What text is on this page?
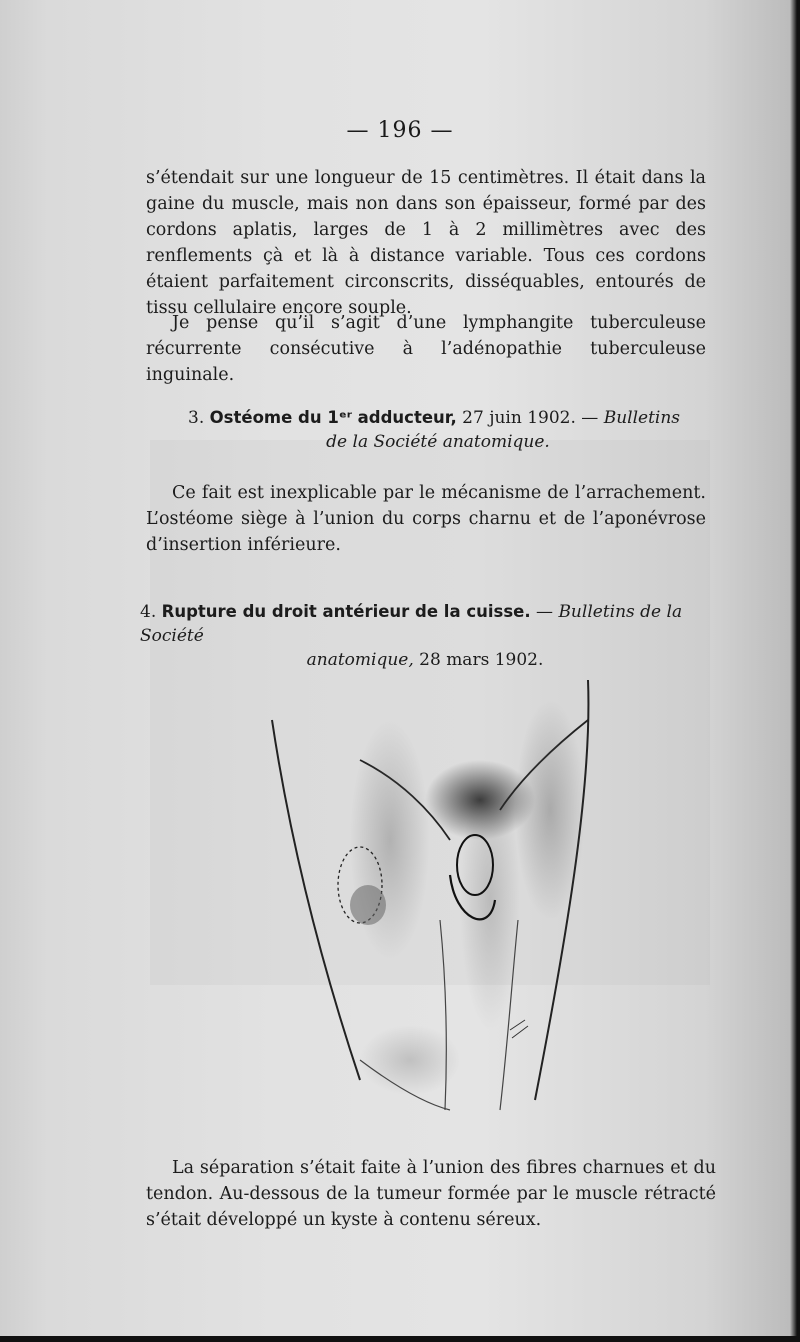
— 196 —

s’étendait sur une longueur de 15 centimètres. Il était dans la gaine du muscle, mais non dans son épaisseur, formé par des cordons aplatis, larges de 1 à 2 millimètres avec des renflements çà et là à distance variable. Tous ces cordons étaient parfaitement circonscrits, disséquables, entourés de tissu cellulaire encore souple.

Je pense qu’il s’agit d’une lymphangite tuberculeuse récurrente consécutive à l’adénopathie tuberculeuse inguinale.

3. Ostéome du 1ᵉʳ adducteur, 27 juin 1902. — Bulletins
de la Société anatomique.

Ce fait est inexplicable par le mécanisme de l’arrachement. L’ostéome siège à l’union du corps charnu et de l’aponévrose d’insertion inférieure.

4. Rupture du droit antérieur de la cuisse. — Bulletins de la Société
anatomique, 28 mars 1902.

La séparation s’était faite à l’union des fibres charnues et du tendon. Au-dessous de la tumeur formée par le muscle rétracté s’était développé un kyste à contenu séreux.
